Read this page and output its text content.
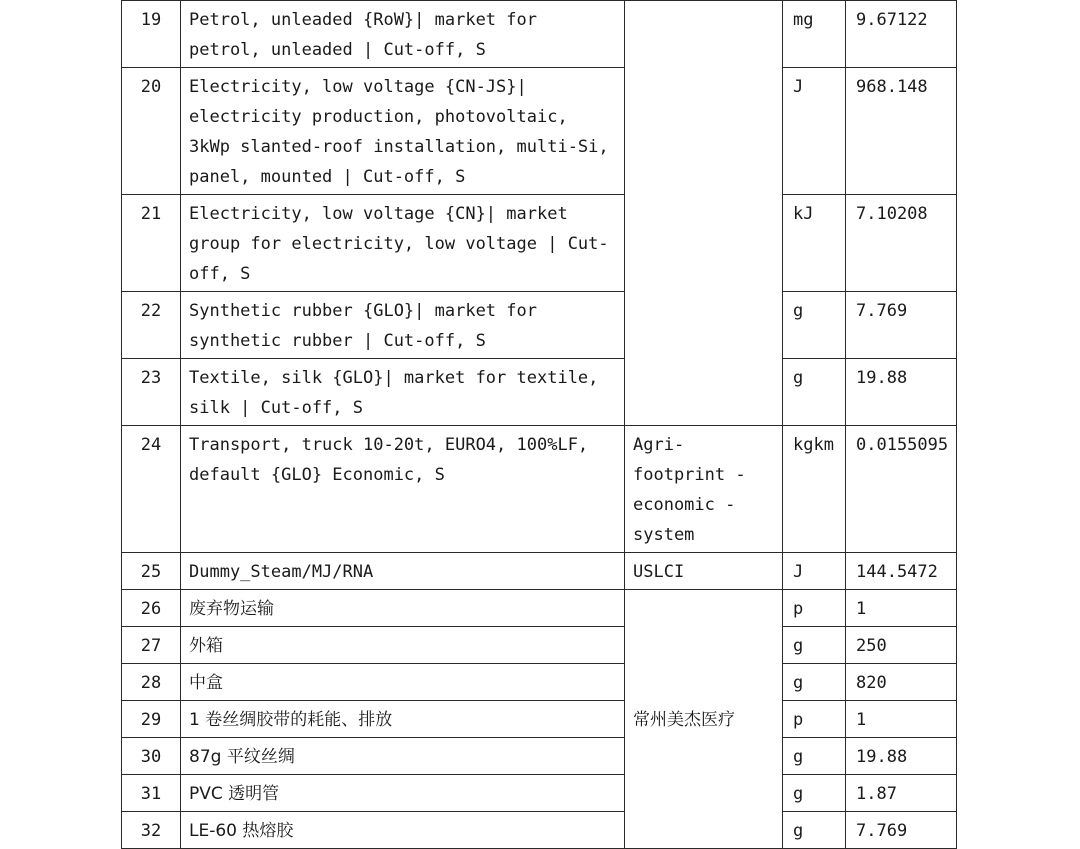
19	Petrol, unleaded {RoW}| market for petrol, unleaded | Cut-off, S		mg	9.67122
20	Electricity, low voltage {CN-JS}| electricity production, photovoltaic, 3kWp slanted-roof installation, multi-Si, panel, mounted | Cut-off, S		J	968.148
21	Electricity, low voltage {CN}| market group for electricity, low voltage | Cut-off, S		kJ	7.10208
22	Synthetic rubber {GLO}| market for synthetic rubber | Cut-off, S		g	7.769
23	Textile, silk {GLO}| market for textile, silk | Cut-off, S		g	19.88
24	Transport, truck 10-20t, EURO4, 100%LF, default {GLO} Economic, S	Agri-footprint - economic - system	kgkm	0.0155095
25	Dummy_Steam/MJ/RNA	USLCI	J	144.5472
26	废弃物运输	常州美杰医疗	p	1
27	外箱		g	250
28	中盒		g	820
29	1 卷丝绸胶带的耗能、排放		p	1
30	87g 平纹丝绸		g	19.88
31	PVC 透明管		g	1.87
32	LE-60 热熔胶		g	7.769
